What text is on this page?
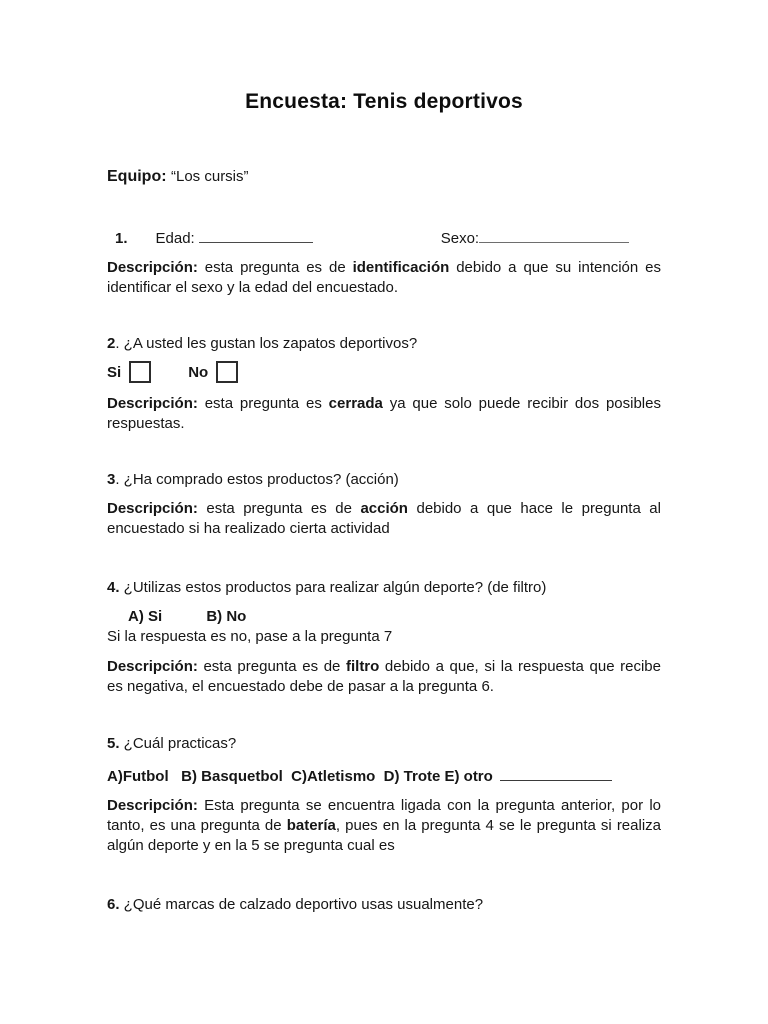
Encuesta: Tenis deportivos

Equipo: “Los cursis”

1. Edad:	Sexo:

Descripción: esta pregunta es de identificación debido a que su intención es identificar el sexo y la edad del encuestado.

2. ¿A usted les gustan los zapatos deportivos?

Si	No

Descripción: esta pregunta es cerrada ya que solo puede recibir dos posibles respuestas.

3. ¿Ha comprado estos productos? (acción)

Descripción: esta pregunta es de acción debido a que hace le pregunta al encuestado si ha realizado cierta actividad

4. ¿Utilizas estos productos para realizar algún deporte? (de filtro)

A) Si	B) No

Si la respuesta es no, pase a la pregunta 7

Descripción: esta pregunta es de filtro debido a que, si la respuesta que recibe es negativa, el encuestado debe de pasar a la pregunta 6.

5. ¿Cuál practicas?

A)Futbol   B) Basquetbol  C)Atletismo  D) Trote E) otro

Descripción: Esta pregunta se encuentra ligada con la pregunta anterior, por lo tanto, es una pregunta de batería, pues en la pregunta 4 se le pregunta si realiza algún deporte y en la 5 se pregunta cual es

6. ¿Qué marcas de calzado deportivo usas usualmente?
